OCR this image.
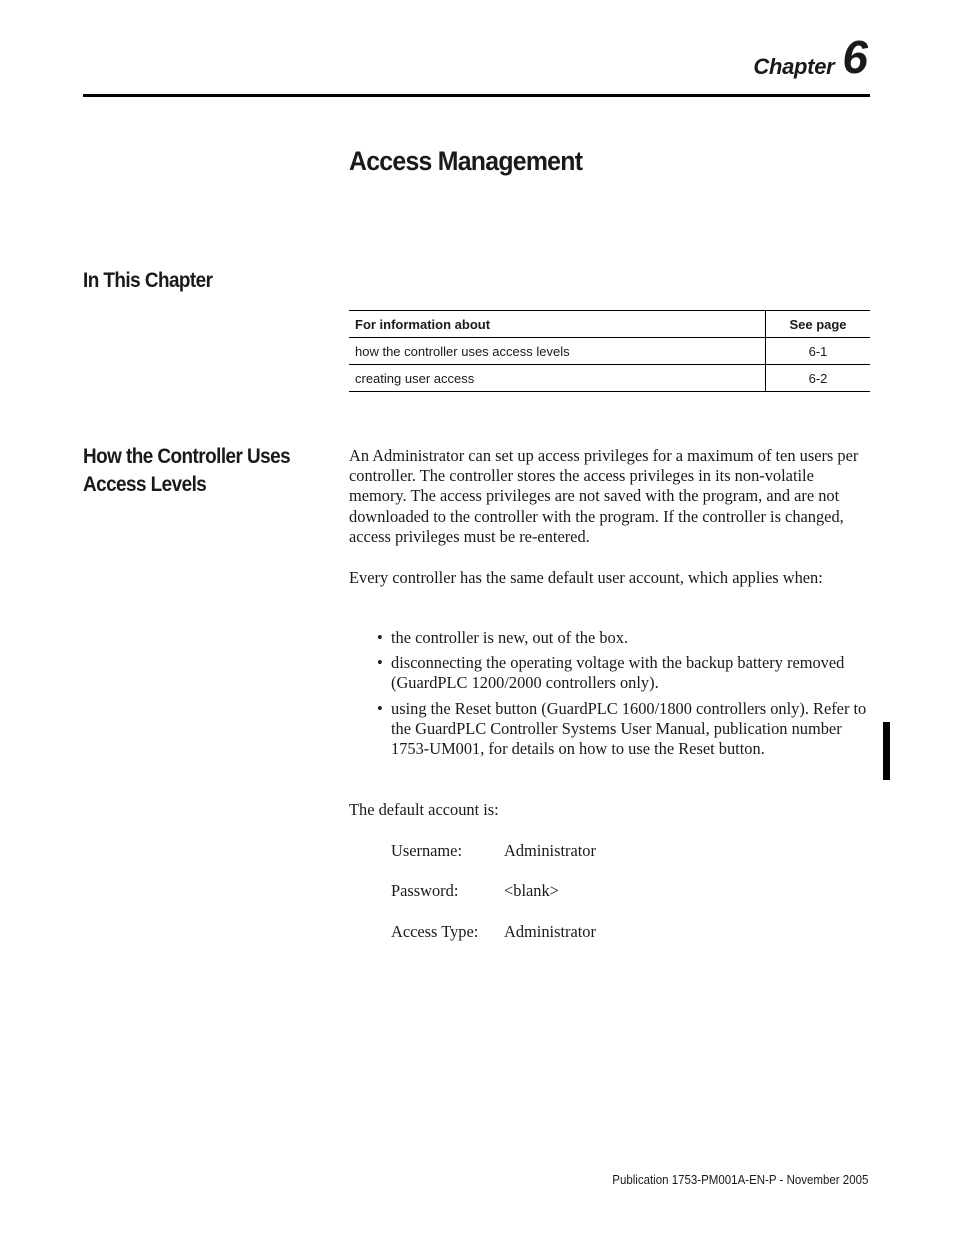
Chapter 6
Access Management
In This Chapter
For information about	See page
how the controller uses access levels	6-1
creating user access	6-2
How the Controller Uses
Access Levels

An Administrator can set up access privileges for a maximum of ten users per controller. The controller stores the access privileges in its non-volatile memory. The access privileges are not saved with the program, and are not downloaded to the controller with the program. If the controller is changed, access privileges must be re-entered.

Every controller has the same default user account, which applies when:

• the controller is new, out of the box.
• disconnecting the operating voltage with the backup battery removed (GuardPLC 1200/2000 controllers only).
• using the Reset button (GuardPLC 1600/1800 controllers only). Refer to the GuardPLC Controller Systems User Manual, publication number 1753-UM001, for details on how to use the Reset button.

The default account is:

Username:	Administrator
Password:	<blank>
Access Type:	Administrator
Publication 1753-PM001A-EN-P - November 2005
